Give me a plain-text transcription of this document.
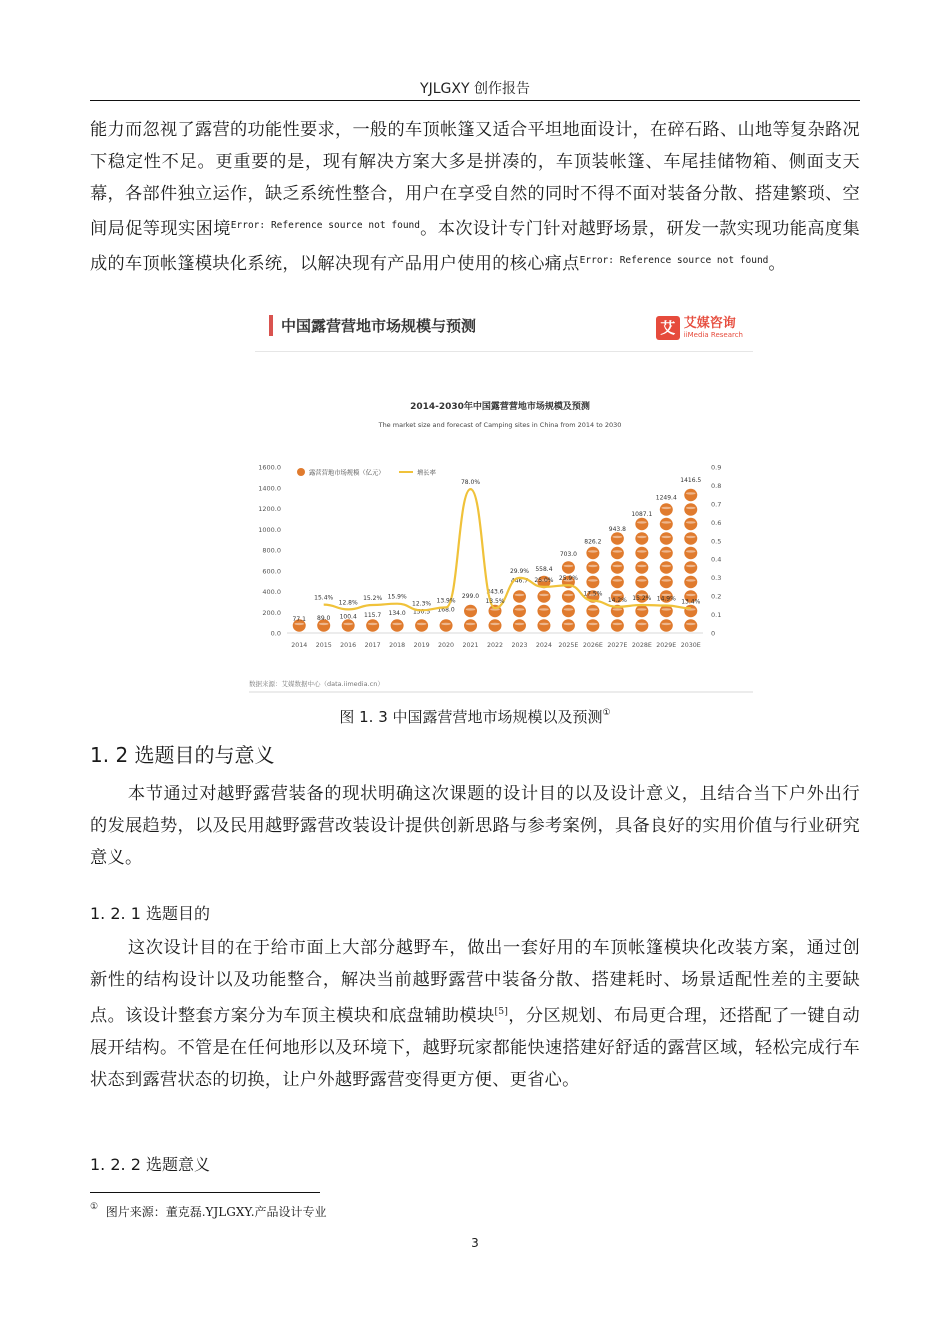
YJLGXY 创作报告
能力而忽视了露营的功能性要求，一般的车顶帐篷又适合平坦地面设计，在碎石路、山地等复杂路况下稳定性不足。更重要的是，现有解决方案大多是拼凑的，车顶装帐篷、车尾挂储物箱、侧面支天幕，各部件独立运作，缺乏系统性整合，用户在享受自然的同时不得不面对装备分散、搭建繁琐、空间局促等现实困境$^{Error: Reference source not found}$。本次设计专门针对越野场景，研发一款实现功能高度集成的车顶帐篷模块化系统，以解决现有产品用户使用的核心痛点$^{Error: Reference source not found}$。
中国露营营地市场规模与预测	艾 艾媒咨询
iiMedia Research
2014-2030年中国露营营地市场规模及预测
The market size and forecast of Camping sites in China from 2014 to 2030
0.0
200.0
400.0
600.0
800.0
1000.0
1200.0
1400.0
1600.0
0
0.1
0.2
0.3
0.4
0.5
0.6
0.7
0.8
0.9
2014 2015 2016 2017 2018 2019 2020 2021 2022 2023 2024 2025E 2026E 2027E 2028E 2029E 2030E
77.1 89.0 100.4 115.7 134.0 150.5 168.0
299.0
343.6
446.7
558.4
703.0
826.2
943.8
1087.1
1249.4
1416.5
15.4%
12.8%
15.2% 15.9%
12.3% 13.9%
78.0%
13.5%
29.9%
25.0% 25.9%
17.5%
14.2% 15.2% 14.9% 13.4%
露营营地市场规模（亿元）	增长率
数据来源：艾媒数据中心（data.iimedia.cn）
图 1. 3 中国露营营地市场规模以及预测①
1. 2 选题目的与意义
本节通过对越野露营装备的现状明确这次课题的设计目的以及设计意义，且结合当下户外出行的发展趋势，以及民用越野露营改装设计提供创新思路与参考案例，具备良好的实用价值与行业研究意义。
1. 2. 1 选题目的
这次设计目的在于给市面上大部分越野车，做出一套好用的车顶帐篷模块化改装方案，通过创新性的结构设计以及功能整合，解决当前越野露营中装备分散、搭建耗时、场景适配性差的主要缺点。该设计整套方案分为车顶主模块和底盘辅助模块[5]，分区规划、布局更合理，还搭配了一键自动展开结构。不管是在任何地形以及环境下，越野玩家都能快速搭建好舒适的露营区域，轻松完成行车状态到露营状态的切换，让户外越野露营变得更方便、更省心。
1. 2. 2 选题意义
① 图片来源：董克磊.YJLGXY.产品设计专业
3
